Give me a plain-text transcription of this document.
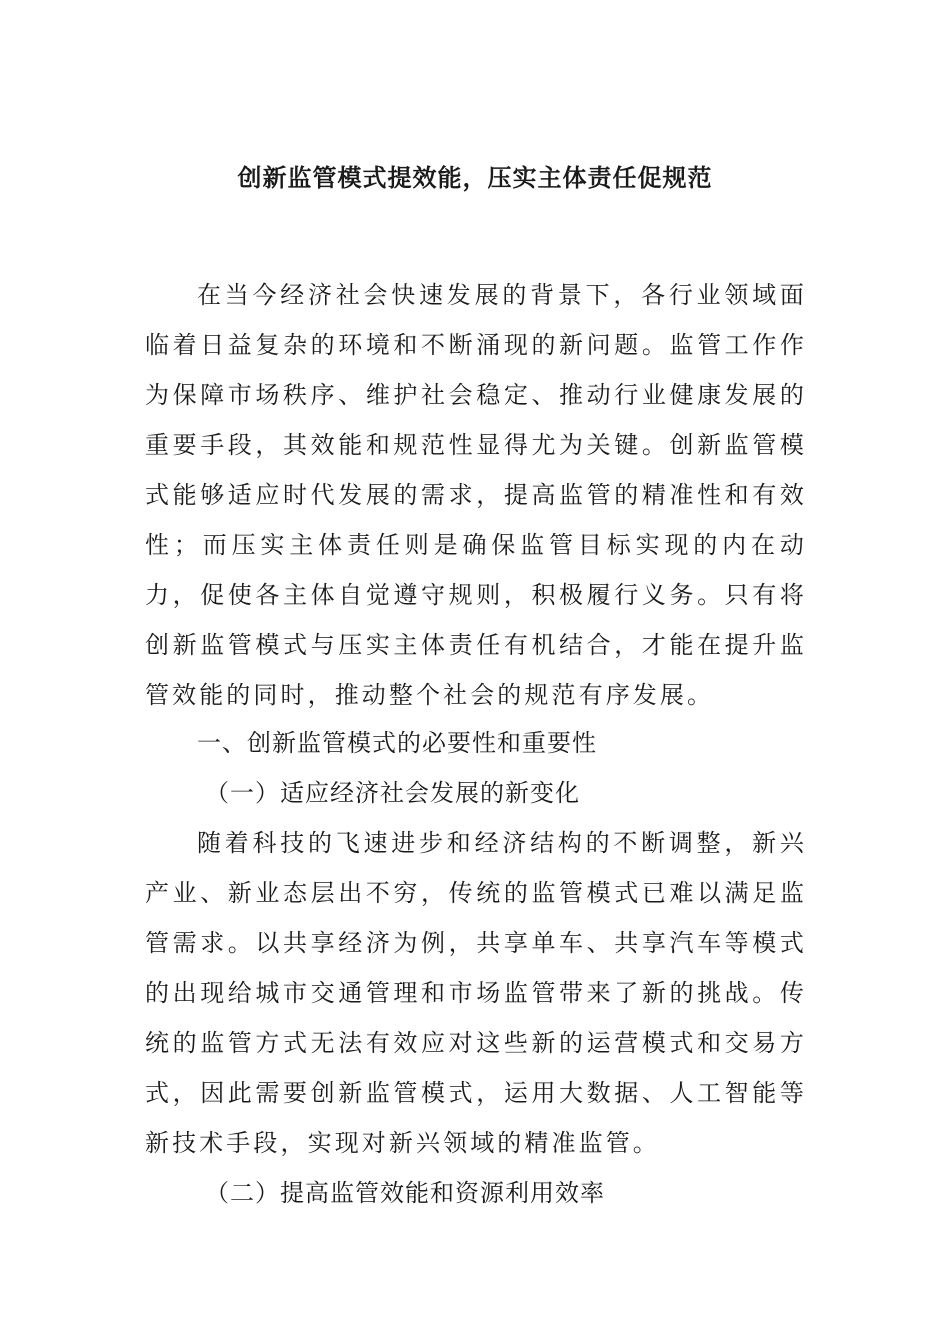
创新监管模式提效能，压实主体责任促规范

在当今经济社会快速发展的背景下，各行业领域面临着日益复杂的环境和不断涌现的新问题。监管工作作为保障市场秩序、维护社会稳定、推动行业健康发展的重要手段，其效能和规范性显得尤为关键。创新监管模式能够适应时代发展的需求，提高监管的精准性和有效性；而压实主体责任则是确保监管目标实现的内在动力，促使各主体自觉遵守规则，积极履行义务。只有将创新监管模式与压实主体责任有机结合，才能在提升监管效能的同时，推动整个社会的规范有序发展。

一、创新监管模式的必要性和重要性

（一）适应经济社会发展的新变化

随着科技的飞速进步和经济结构的不断调整，新兴产业、新业态层出不穷，传统的监管模式已难以满足监管需求。以共享经济为例，共享单车、共享汽车等模式的出现给城市交通管理和市场监管带来了新的挑战。传统的监管方式无法有效应对这些新的运营模式和交易方式，因此需要创新监管模式，运用大数据、人工智能等新技术手段，实现对新兴领域的精准监管。

（二）提高监管效能和资源利用效率
